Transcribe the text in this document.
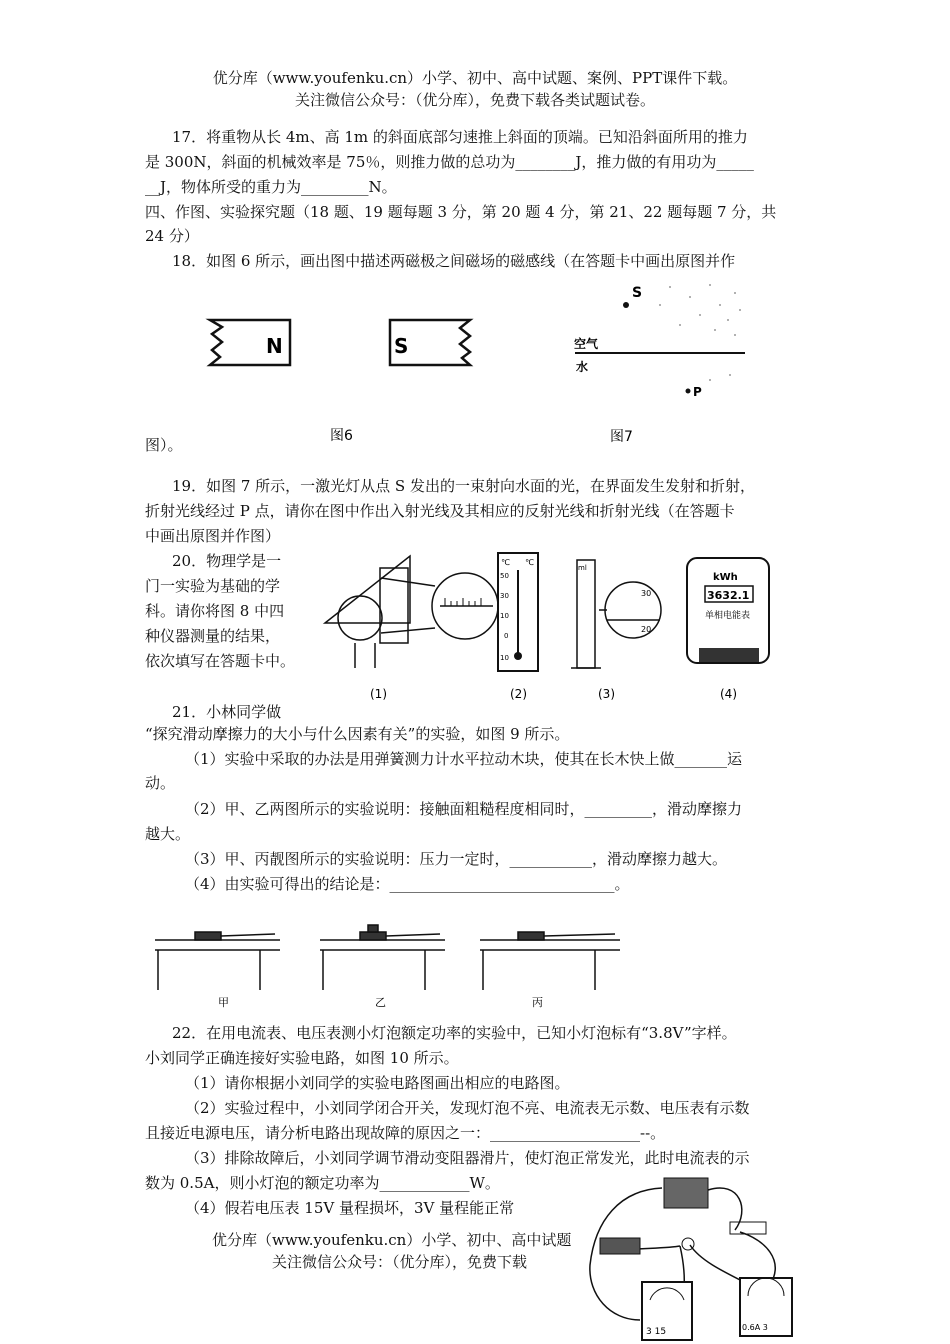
优分库（www.youfenku.cn）小学、初中、高中试题、案例、PPT课件下载。
关注微信公众号：（优分库），免费下载各类试题试卷。
17．将重物从长 4m、高 1m 的斜面底部匀速推上斜面的顶端。已知沿斜面所用的推力
是 300N，斜面的机械效率是 75％，则推力做的总功为________J，推力做的有用功为_____
__J，物体所受的重力为_________N。
四、作图、实验探究题（18 题、19 题每题 3 分，第 20 题 4 分，第 21、22 题每题 7 分，共
24 分）
18．如图 6 所示，画出图中描述两磁极之间磁场的磁感线（在答题卡中画出原图并作
N	S
图6
S
空气
水
P
图7
图）。
19．如图 7 所示，一激光灯从点 S 发出的一束射向水面的光，在界面发生发射和折射，
折射光线经过 P 点，请你在图中作出入射光线及其相应的反射光线和折射光线（在答题卡
中画出原图并作图）
20．物理学是一
门一实验为基础的学
科。请你将图 8 中四
种仪器测量的结果，
依次填写在答题卡中。
(1)
℃ ℃
50
30
10
0
10
(2)
ml
30
20
(3)
kWh
3632.1
单相电能表
(4)
21．小林同学做
“探究滑动摩擦力的大小与什么因素有关”的实验，如图 9 所示。
（1）实验中采取的办法是用弹簧测力计水平拉动木块，使其在长木快上做_______运
动。
（2）甲、乙两图所示的实验说明：接触面粗糙程度相同时，_________，滑动摩擦力
越大。
（3）甲、丙靓图所示的实验说明：压力一定时，___________，滑动摩擦力越大。
（4）由实验可得出的结论是：______________________________。
甲	乙	丙
22．在用电流表、电压表测小灯泡额定功率的实验中，已知小灯泡标有“3.8V”字样。
小刘同学正确连接好实验电路，如图 10 所示。
（1）请你根据小刘同学的实验电路图画出相应的电路图。
（2）实验过程中，小刘同学闭合开关，发现灯泡不亮、电流表无示数、电压表有示数
且接近电源电压，请分析电路出现故障的原因之一：____________________--。
（3）排除故障后，小刘同学调节滑动变阻器滑片，使灯泡正常发光，此时电流表的示
数为 0.5A，则小灯泡的额定功率为____________W。
（4）假若电压表 15V 量程损坏，3V 量程能正常
3 15	0.6A 3
优分库（www.youfenku.cn）小学、初中、高中试题
关注微信公众号：（优分库），免费下载
